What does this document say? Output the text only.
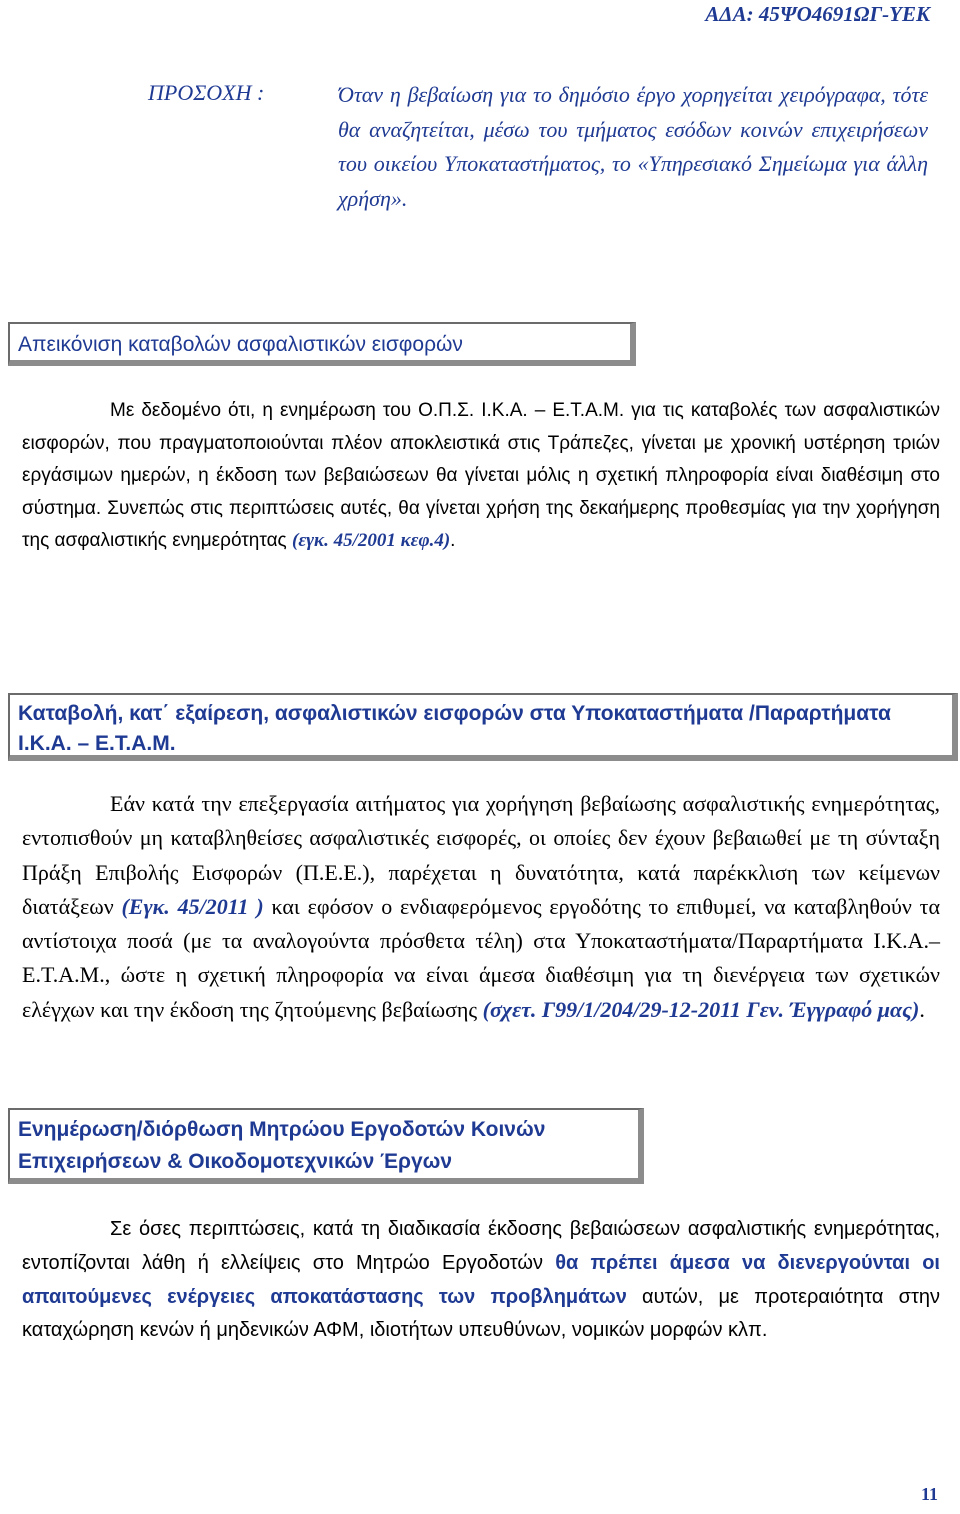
ΑΔΑ: 45ΨΟ4691ΩΓ-ΥΕΚ

ΠΡΟΣΟΧΗ :	Όταν η βεβαίωση για το δημόσιο έργο χορηγείται χειρόγραφα, τότε θα αναζητείται, μέσω του τμήματος εσόδων κοινών επιχειρήσεων του οικείου Υποκαταστήματος, το «Υπηρεσιακό Σημείωμα για άλλη χρήση».

Απεικόνιση καταβολών ασφαλιστικών εισφορών

Με δεδομένο ότι, η ενημέρωση του Ο.Π.Σ. Ι.Κ.Α. – Ε.Τ.Α.Μ. για τις καταβολές των ασφαλιστικών εισφορών, που πραγματοποιούνται πλέον αποκλειστικά στις Τράπεζες, γίνεται με χρονική υστέρηση τριών εργάσιμων ημερών, η έκδοση των βεβαιώσεων θα γίνεται μόλις η σχετική πληροφορία είναι διαθέσιμη στο σύστημα. Συνεπώς στις περιπτώσεις αυτές, θα γίνεται χρήση της δεκαήμερης προθεσμίας για την χορήγηση της ασφαλιστικής ενημερότητας (εγκ. 45/2001 κεφ.4).

Καταβολή, κατ΄ εξαίρεση, ασφαλιστικών εισφορών στα Υποκαταστήματα /Παραρτήματα Ι.Κ.Α. – Ε.Τ.Α.Μ.

Εάν κατά την επεξεργασία αιτήματος για χορήγηση βεβαίωσης ασφαλιστικής ενημερότητας, εντοπισθούν μη καταβληθείσες ασφαλιστικές εισφορές, οι οποίες δεν έχουν βεβαιωθεί με τη σύνταξη Πράξη Επιβολής Εισφορών (Π.Ε.Ε.), παρέχεται η δυνατότητα, κατά παρέκκλιση των κείμενων διατάξεων (Εγκ. 45/2011 ) και εφόσον ο ενδιαφερόμενος εργοδότης το επιθυμεί, να καταβληθούν τα αντίστοιχα ποσά (με τα αναλογούντα πρόσθετα τέλη) στα Υποκαταστήματα/Παραρτήματα Ι.Κ.Α.–Ε.Τ.Α.Μ., ώστε η σχετική πληροφορία να είναι άμεσα διαθέσιμη για τη διενέργεια των σχετικών ελέγχων και την έκδοση της ζητούμενης βεβαίωσης (σχετ. Γ99/1/204/29-12-2011 Γεν. Έγγραφό μας).

Ενημέρωση/διόρθωση Μητρώου Εργοδοτών Κοινών Επιχειρήσεων & Οικοδομοτεχνικών Έργων

Σε όσες περιπτώσεις, κατά τη διαδικασία έκδοσης βεβαιώσεων ασφαλιστικής ενημερότητας, εντοπίζονται λάθη ή ελλείψεις στο Μητρώο Εργοδοτών θα πρέπει άμεσα να διενεργούνται οι απαιτούμενες ενέργειες αποκατάστασης των προβλημάτων αυτών, με προτεραιότητα στην καταχώρηση κενών ή μηδενικών ΑΦΜ, ιδιοτήτων υπευθύνων, νομικών μορφών κλπ.

11
